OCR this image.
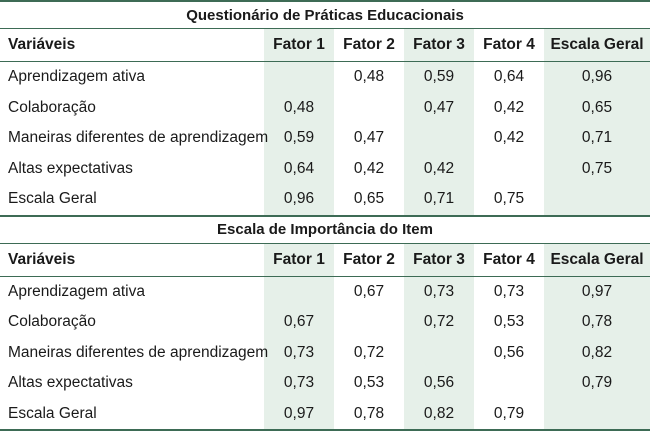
Questionário de Práticas Educacionais					
Variáveis	Fator 1	Fator 2	Fator 3	Fator 4	Escala Geral
Aprendizagem ativa		0,48	0,59	0,64	0,96
Colaboração	0,48		0,47	0,42	0,65
Maneiras diferentes de aprendizagem	0,59	0,47		0,42	0,71
Altas expectativas	0,64	0,42	0,42		0,75
Escala Geral	0,96	0,65	0,71	0,75	
Escala de Importância do Item					
Variáveis	Fator 1	Fator 2	Fator 3	Fator 4	Escala Geral
Aprendizagem ativa		0,67	0,73	0,73	0,97
Colaboração	0,67		0,72	0,53	0,78
Maneiras diferentes de aprendizagem	0,73	0,72		0,56	0,82
Altas expectativas	0,73	0,53	0,56		0,79
Escala Geral	0,97	0,78	0,82	0,79	
